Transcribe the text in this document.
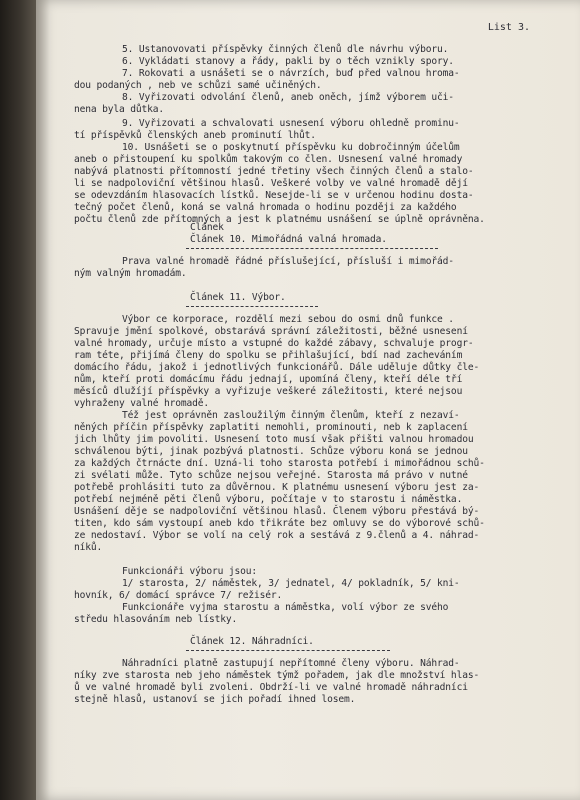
List 3.
5. Ustanovovati příspěvky činných členů dle návrhu výboru.
6. Vykládati stanovy a řády, pakli by o těch vznikly spory.
7. Rokovati a usnášeti se o návrzích, buď před valnou hroma-
dou podaných , neb ve schůzi samé učiněných.
8. Vyřizovati odvolání členů, aneb oněch, jímž výborem uči-
nena byla důtka.
9. Vyřizovati a schvalovati usnesení výboru ohledně prominu-
tí příspěvků členských aneb prominutí lhůt.
10. Usnášeti se o poskytnutí příspěvku ku dobročinným účelům
aneb o přistoupení ku spolkům takovým co člen. Usnesení valné hromady
nabývá platnosti přítomností jedné třetiny všech činných členů a stalo-
li se nadpoloviční většinou hlasů. Veškeré volby ve valné hromadě dějí
se odevzdáním hlasovacích lístků. Nesejde-li se v určenou hodinu dosta-
tečný počet členů, koná se valná hromada o hodinu později za každého
počtu členů zde přítomných a jest k platnému usnášení se úplně oprávněna.
Článek
Článek 10. Mimořádná valná hromada.
Prava valné hromadě řádné příslušející, přísluší i mimořád-
ným valným hromadám.
Článek 11. Výbor.
Výbor ce korporace, rozdělí mezi sebou do osmi dnů funkce .
Spravuje jmění spolkové, obstarává správní záležitosti, běžné usnesení
valné hromady, určuje místo a vstupné do každé zábavy, schvaluje progr-
ram téte, přijímá členy do spolku se přihlašující, bdí nad zacheváním
domácího řádu, jakož i jednotlivých funkcionářů. Dále uděluje důtky čle-
nům, kteří proti domácímu řádu jednají, upomíná členy, kteří déle tří
měsíců dlužíjí příspěvky a vyřizuje veškeré záležitosti, které nejsou
vyhraženy valné hromadě.
Též jest oprávněn zasloužilým činným členům, kteří z nezaví-
něných příčin příspěvky zaplatiti nemohli, prominouti, neb k zaplacení
jich lhůty jim povoliti. Usnesení toto musí však přišti valnou hromadou
schválenou býti, jinak pozbývá platnosti. Schůze výboru koná se jednou
za každých čtrnácte dní. Uzná-li toho starosta potřebí i mimořádnou schů-
zi svélati může. Tyto schůze nejsou veřejné. Starosta má právo v nutné
potřebě prohlásiti tuto za důvěrnou. K platnému usnesení výboru jest za-
potřebí nejméně pěti členů výboru, počítaje v to starostu i náměstka.
Usnášení děje se nadpoloviční většinou hlasů. Členem výboru přestává bý-
titen, kdo sám vystoupí aneb kdo třikráte bez omluvy se do výborové schů-
ze nedostaví. Výbor se volí na celý rok a sestává z 9.členů a 4. náhrad-
níků.
Funkcionáři výboru jsou:
1/ starosta, 2/ náměstek, 3/ jednatel, 4/ pokladník, 5/ kni-
hovník, 6/ domácí správce 7/ režisér.
Funkcionáře vyjma starostu a náměstka, volí výbor ze svého
středu hlasováním neb lístky.
Článek 12. Náhradníci.
Náhradníci platně zastupují nepřítomné členy výboru. Náhrad-
níky zve starosta neb jeho náměstek týmž pořadem, jak dle množství hlas-
ů ve valné hromadě byli zvoleni. Obdrží-li ve valné hromadě náhradníci
stejně hlasů, ustanoví se jich pořadí ihned losem.
